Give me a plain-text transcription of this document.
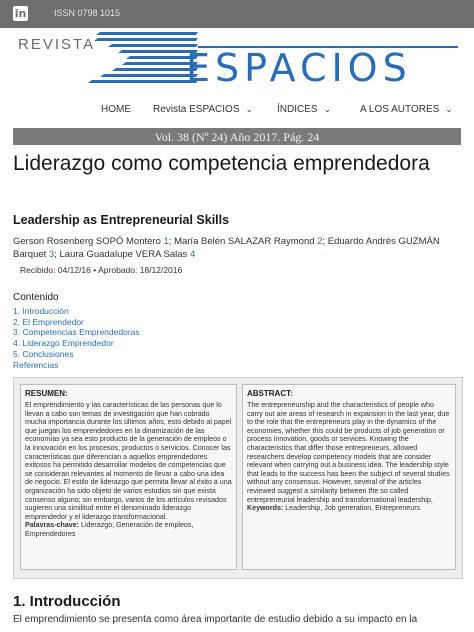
in	ISSN 0798 1015
REVISTA
ESPACIOS
HOME Revista ESPACIOS ⌄ ÍNDICES ⌄	A LOS AUTORES ⌄
Vol. 38 (Nº 24) Año 2017. Pág. 24
Liderazgo como competencia emprendedora
Leadership as Entrepreneurial Skills
Gerson Rosenberg SOPÓ Montero 1; María Belén SALAZAR Raymond 2; Eduardo Andrés GUZMÁN
Barquet 3; Laura Guadalupe VERA Salas 4
Recibido: 04/12/16 • Aprobado: 18/12/2016
Contenido
1. Introducción
2. El Emprendedor
3. Competencias Emprendedoras
4. Liderazgo Emprendedor
5. Conclusiones
Referencias
RESUMEN:

El emprendimiento y las características de las personas que lo llevan a cabo son temas de investigación que han cobrado mucha importancia durante los últimos años, esto debido al papel que juegan los emprendedores en la dinamización de las economías ya sea esto producto de la generación de empleos o la innovación en los procesos, productos o servicios. Conocer las características que diferencian a aquellos emprendedores exitosos ha permitido desarrollar modelos de competencias que se consideran relevantes al momento de llevar a cabo una idea de negocio. El estilo de liderazgo que permita llevar al éxito a una organización ha sido objeto de varios estudios sin que exista consenso alguno; sin embargo, varios de los artículos revisados sugieren una similitud entre el denominado liderazgo emprendedor y el liderazgo transformacional.
Palavras-chave: Liderazgo, Generación de empleos, Emprendedores

ABSTRACT:

The entrepreneurship and the characteristics of people who carry out are areas of research in expansion in the last year, due to the role that the entrepreneurs play in the dynamics of the economies, whether this could be products of job generation or process innovation, goods or services. Knowing the characteristics that differ those entrepreneurs, allowed researchers develop competency models that are consider relevant when carrying out a business idea. The leadership style that leads to the success has been the subject of several studies without any consensus. However, several of the articles reviewed suggest a similarity between the so called entrepreneurial leadership and transformational leadership.
Keywords: Leadership, Job generation, Entrepreneurs

1. Introducción
El emprendimiento se presenta como área importante de estudio debido a su impacto en la
